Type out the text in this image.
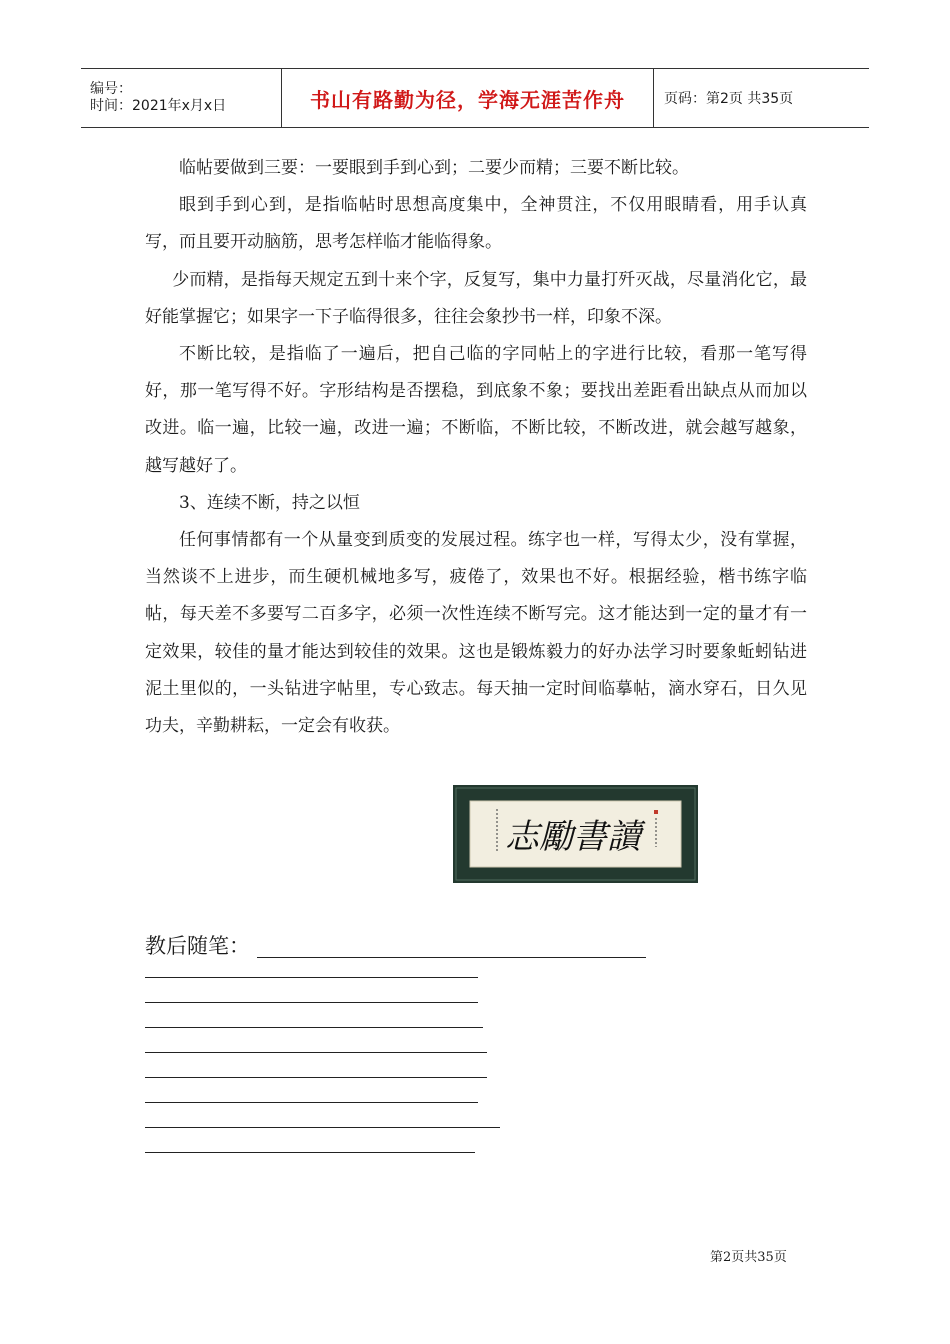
编号：
时间：2021年x月x日	书山有路勤为径，学海无涯苦作舟	页码：第2页 共35页

临帖要做到三要：一要眼到手到心到；二要少而精；三要不断比较。

眼到手到心到，是指临帖时思想高度集中，全神贯注，不仅用眼睛看，用手认真写，而且要开动脑筋，思考怎样临才能临得象。

少而精，是指每天规定五到十来个字，反复写，集中力量打歼灭战，尽量消化它，最好能掌握它；如果字一下子临得很多，往往会象抄书一样，印象不深。

不断比较，是指临了一遍后，把自己临的字同帖上的字进行比较，看那一笔写得好，那一笔写得不好。字形结构是否摆稳，到底象不象；要找出差距看出缺点从而加以改进。临一遍，比较一遍，改进一遍；不断临，不断比较，不断改进，就会越写越象，越写越好了。

3、连续不断，持之以恒

任何事情都有一个从量变到质变的发展过程。练字也一样，写得太少，没有掌握，当然谈不上进步，而生硬机械地多写，疲倦了，效果也不好。根据经验，楷书练字临帖，每天差不多要写二百多字，必须一次性连续不断写完。这才能达到一定的量才有一定效果，较佳的量才能达到较佳的效果。这也是锻炼毅力的好办法学习时要象蚯蚓钻进泥土里似的，一头钻进字帖里，专心致志。每天抽一定时间临摹帖，滴水穿石，日久见功夫，辛勤耕耘，一定会有收获。

志勵書讀
教后随笔：
第2页共35页
